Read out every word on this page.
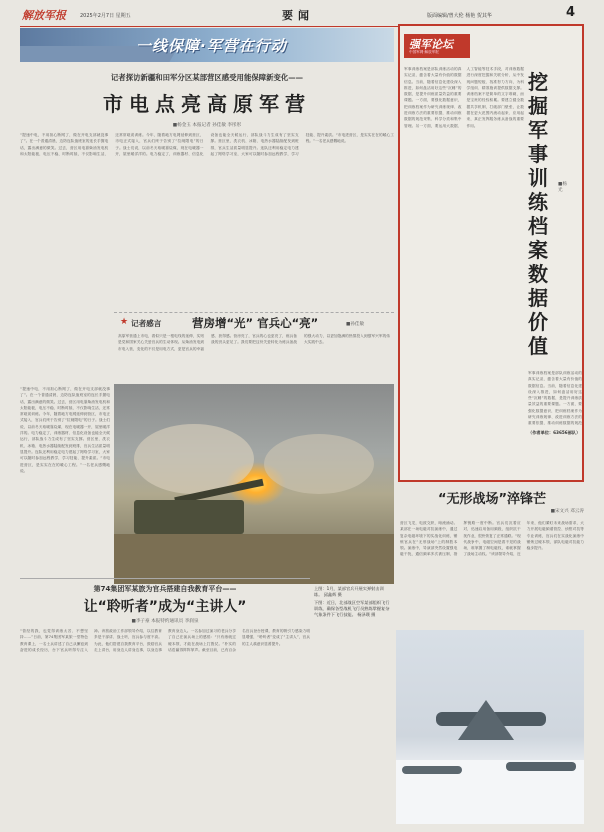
解放军报	2025年2月7日 星期五	要闻	版面编辑/曾大伦 杨艳 贺其华	4
一线保障·军营在行动
记者探访新疆和田军分区某部营区感受用能保障新变化——
市电点亮高原军营
■杨金玉 本报记者 孙佳敏 李彤彤
“提速中电，不用担心断网了，做在开电支部就没事了”。在一个普通清晨，边防连队值班室的连长手握电话，露出满意的微笑。过去，营区用电靠柴油发电机和太阳能板，电压不稳、时断时续，不仅影响生活，还常常耽误训练。今年，随着地方电网延伸到营区，市电正式接入，官兵们终于告别了“拉闸限电”的日子。战士们说，以前冬天取暖靠烧煤，现在电暖器一开，屋里暖洋洋的。电力稳定了，训练器材、信息化设备也能全天候运行，部队战斗力生成有了坚实支撑。营区里，洗衣机、冰箱、电热水器陆续配发到班排，官兵生活质量明显提升。连队还利用稳定电力建起了网络学习室，大家可以随时参加远程教学，学习技能、提升素质。“市电进营区，是实实在在的暖心工程。”一名老兵感慨地说。
★ 记者感言	营房增“光” 官兵心“亮”	■孙佳敏
高原军营通上市电，看似只是一根电线的延伸，实则是党和国家关心关爱官兵的生动体现。从柴油发电到市电入营，变化的不仅是用电方式，更是官兵的幸福感、获得感。营房亮了，官兵的心也更亮了，练兵备战的劲头更足了。我们要把这份关爱转化为练兵备战的强大动力，以更加饱满的热情投入到强军兴军的伟大实践中去。
强军论坛
中国军网·解放军报
军事训练档案是部队训练活动的真实记录，蕴含着大量有价值的数据信息。当前，随着信息化建设深入推进，如何盘活用好这些“沉睡”的数据，是提升训练质量效益的重要课题。一方面，要强化数据意识，把训练档案作为研究训练规律、改进训练方法的重要依据，推动训练数据的规范采集、科学分类和集中管理。另一方面，要运用大数据、人工智能等技术手段，对训练数据进行深度挖掘和关联分析，从中发现问题短板、找准努力方向，为科学组训、精准施训提供数据支撑。训练档案不是简单的文字堆砌，而是宝贵的经验积累。要建立健全数据共享机制，打破部门壁垒，让数据在更大范围内流动起来、应用起来，真正发挥服务练兵备战的重要作用。
挖掘军事训练档案数据价值
■杨 光
军事训练档案是部队训练活动的真实记录，蕴含着大量有价值的数据信息。当前，随着信息化建设深入推进，如何盘活用好这些“沉睡”的数据，是提升训练质量效益的重要课题。一方面，要强化数据意识，把训练档案作为研究训练规律、改进训练方法的重要依据，推动训练数据的规范
（作者单位：63656部队）
上图：1月，某部官兵开展实弹射击训练。 邱鑫辉 摄
下图：近日，北部战区空军某部组织飞行训练，确保各型战机飞行员熟练掌握复杂气象条件下飞行技能。 杨泽璞 摄
“提速中电，不用担心断网了，做在开电支部就没事了”。在一个普通清晨，边防连队值班室的连长手握电话，露出满意的微笑。过去，营区用电靠柴油发电机和太阳能板，电压不稳、时断时续，不仅影响生活，还常常耽误训练。今年，随着地方电网延伸到营区，市电正式接入，官兵们终于告别了“拉闸限电”的日子。战士们说，以前冬天取暖靠烧煤，现在电暖器一开，屋里暖洋洋的。电力稳定了，训练器材、信息化设备也能全天候运行，部队战斗力生成有了坚实支撑。营区里，洗衣机、冰箱、电热水器陆续配发到班排，官兵生活质量明显提升。连队还利用稳定电力建起了网络学习室，大家可以随时参加远程教学，学习技能、提升素质。“市电进营区，是实实在在的暖心工程。”一名老兵感慨地说。
第74集团军某旅为官兵搭建自我教育平台——
让“聆听者”成为“主讲人”
■李子豪 本报特约通讯员 李润泉
“曾经的我，也觉得训练太苦、不想坚持……”日前，第74集团军某旅一堂特色教育课上，一名士兵讲述了自己从懈怠到奋进的成长经历，台下官兵听得专注入神。该旅政治工作部领导介绍，以往教育多是干部讲、战士听，官兵参与度不高。为此，他们搭建自我教育平台，鼓励官兵走上讲台，用身边人讲身边事，以身边事教育身边人。一名参加过演习的老兵分享了自己在演兵场上的感悟：“只有练就过硬本领，才能在战场上打胜仗。”朴实的话语赢得阵阵掌声。截至目前，已有百余名官兵登台授课，教育的吸引力感染力明显增强，“聆听者”变成了“主讲人”，官兵的主人翁意识显著提升。
“无形战场”淬锋芒
■宋文兴 邓云涛
营区飞龙，电波交织，暗流涌动。某部在一场电磁对抗演练中，通过复杂电磁环境下的实战化训练，锤炼官兵在“无形战场”上的制胜本领。演练中，导演部突然设置强电磁干扰，通信频率多次被压制，指挥链路一度中断。官兵们沉着应对，迅速启用备用频段，组织抗干扰作业，很快恢复了正常通联。“现代战争中，电磁空间是看不见的战场，谁掌握了制电磁权，谁就掌握了战场主动权。”该部领导介绍，近年来，他们紧盯未来战场需求，大力开展电磁频谱管控、侦察对抗等专业训练，官兵们在实战化演练中锤炼过硬本领，部队电磁对抗能力稳步提升。
